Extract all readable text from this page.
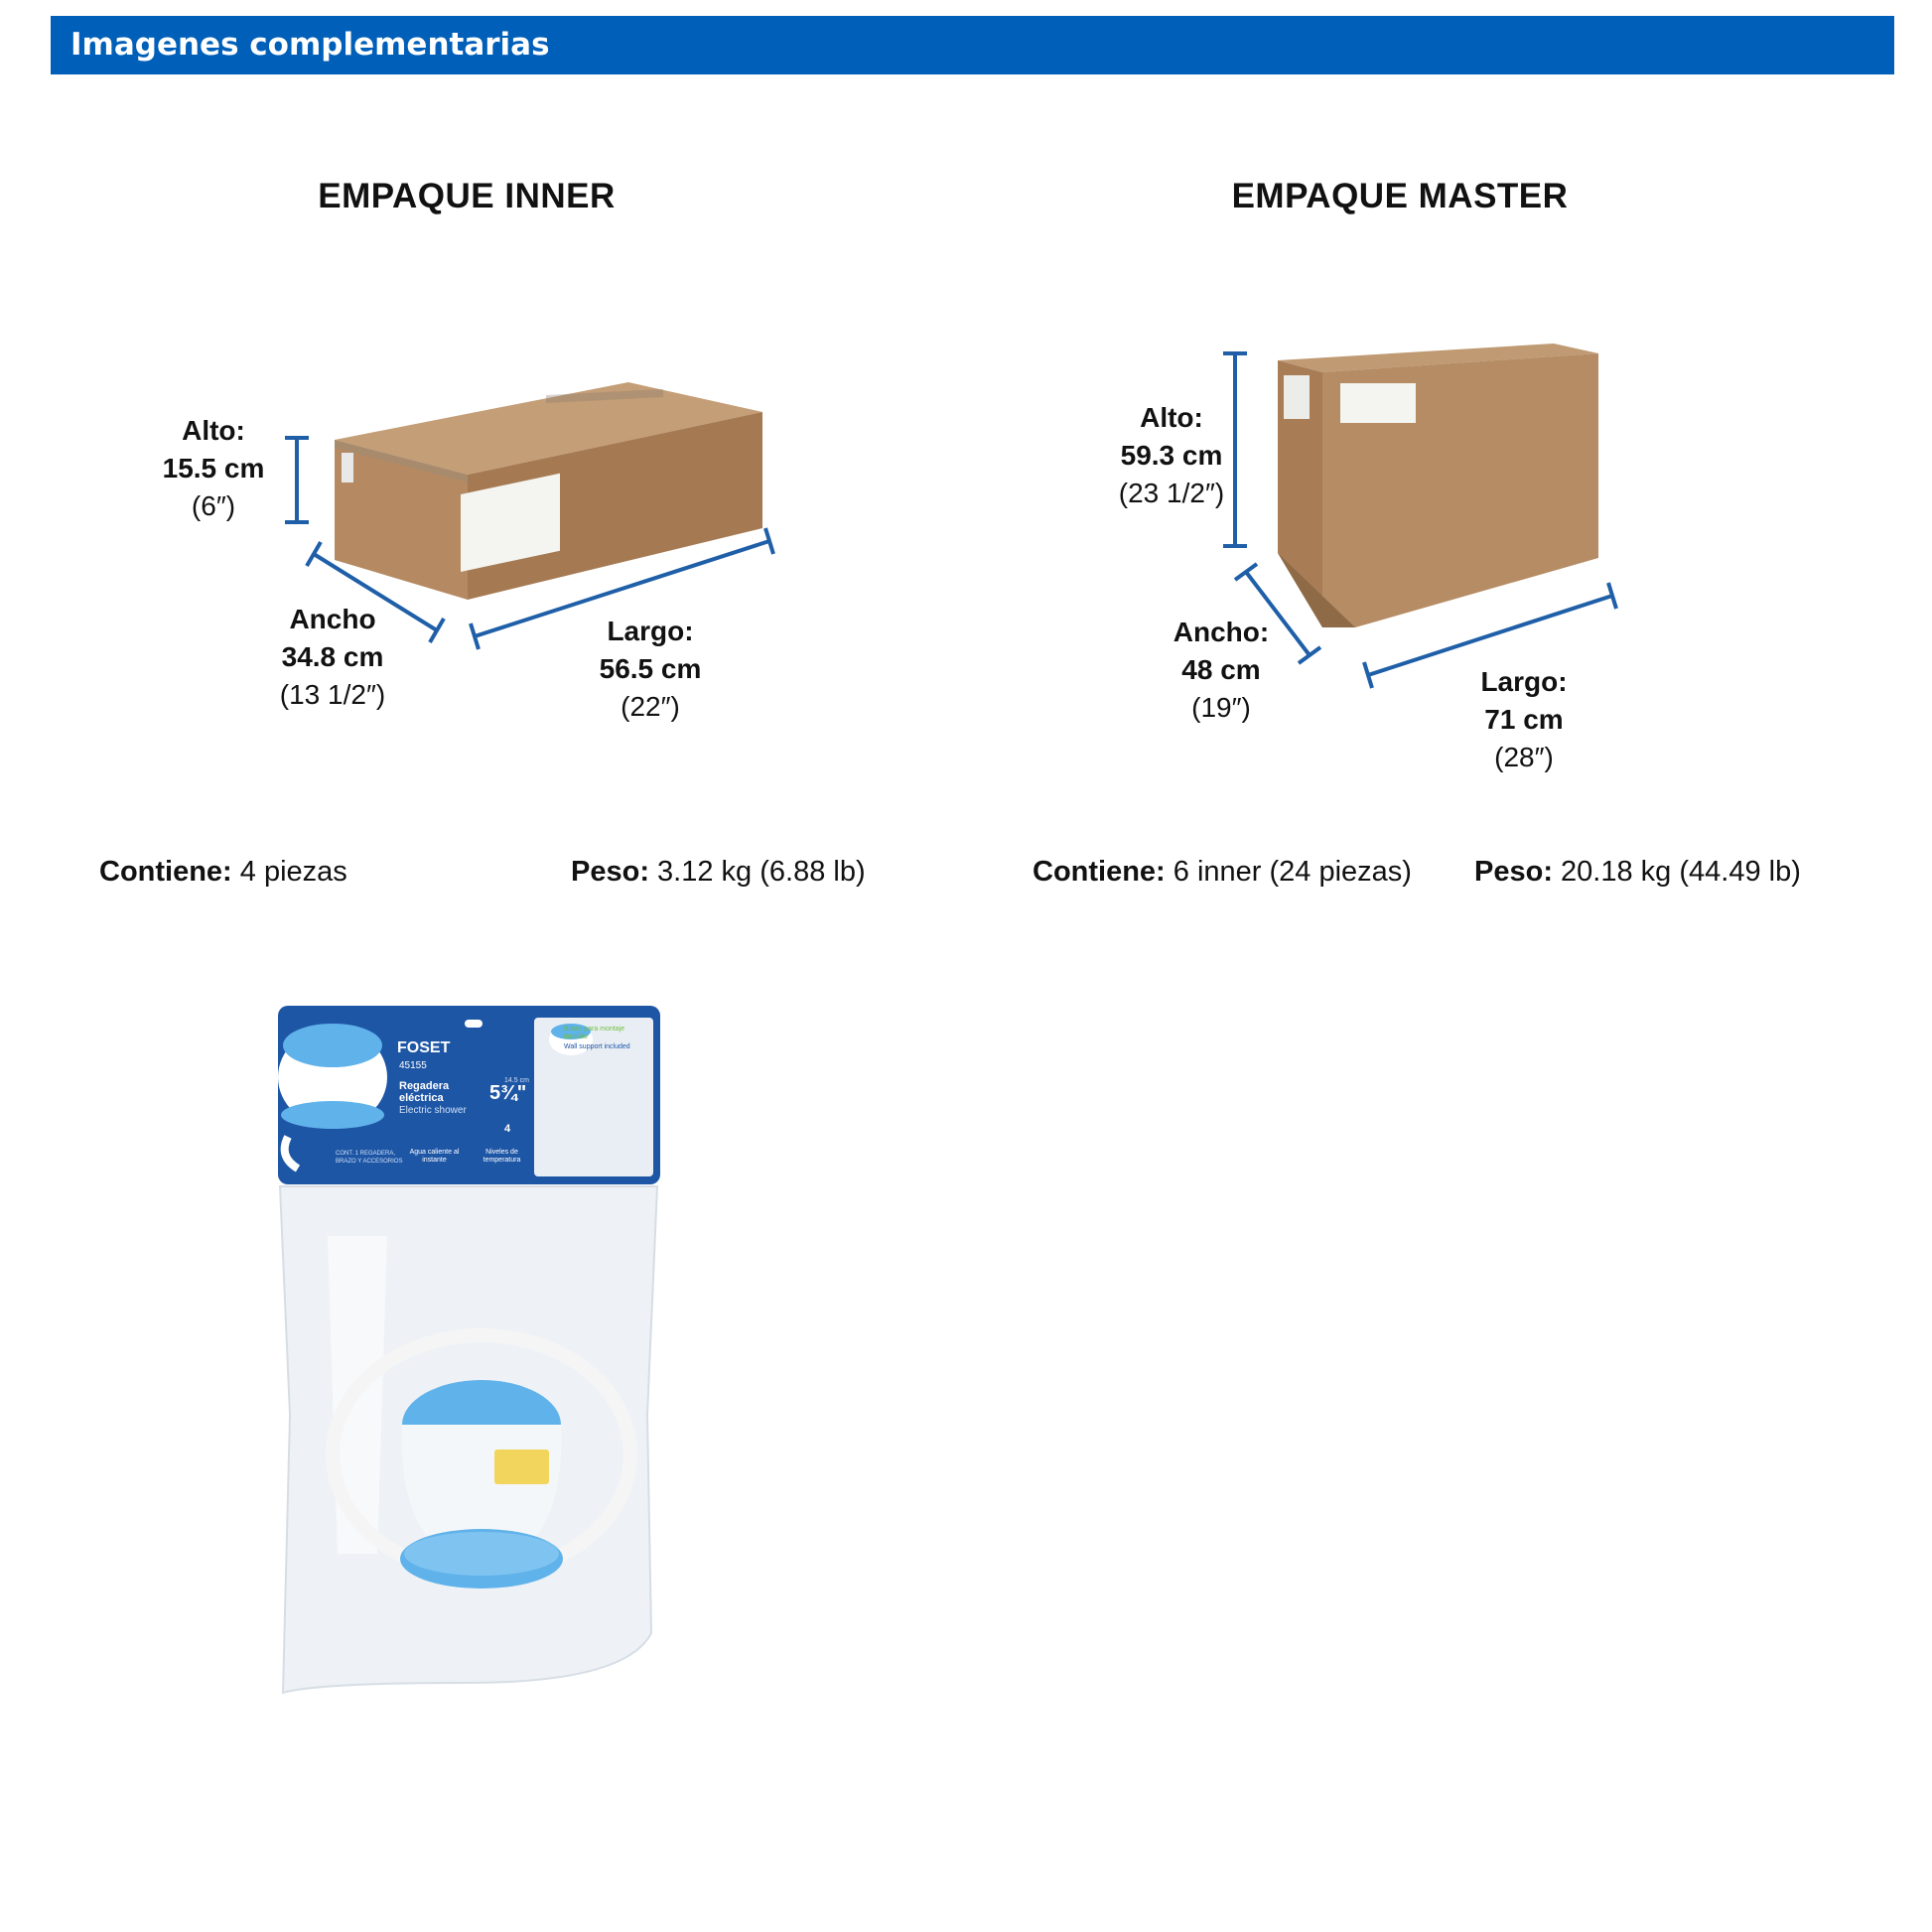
Imagenes complementarias
EMPAQUE INNER
Alto:
15.5 cm
(6″)
Ancho
34.8 cm
(13 1/2″)
Largo:
56.5 cm
(22″)
Contiene: 4 piezas	Peso: 3.12 kg (6.88 lb)
EMPAQUE MASTER
Alto:
59.3 cm
(23 1/2″)
Ancho:
48 cm
(19″)
Largo:
71 cm
(28″)
Contiene: 6 inner (24 piezas) Peso: 20.18 kg (44.49 lb)
FOSET
45155
Regadera eléctrica
Electric shower
5¾"
14.5 cm
Agua caliente al instante
Niveles de temperatura
4
CONT. 1 REGADERA, BRAZO Y ACCESORIOS
Brazo para montaje incluido
Wall support included
